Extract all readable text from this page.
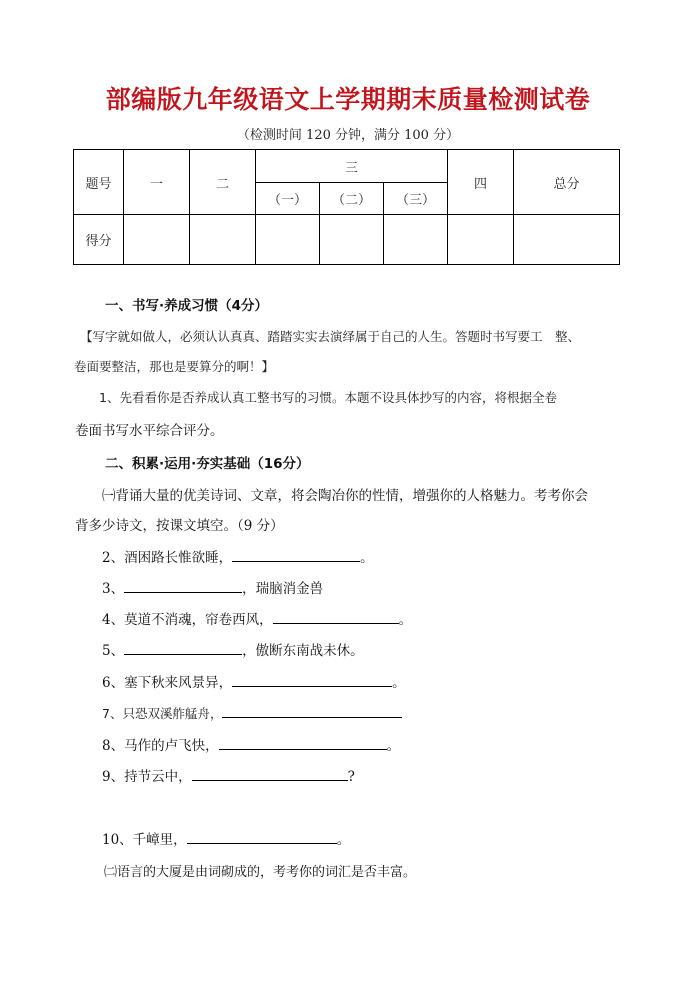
部编版九年级语文上学期期末质量检测试卷
（检测时间 120 分钟，满分 100 分）
题号	一	二	三			四	总分
			（一）	（二）	（三）		
得分							
一、书写·养成习惯（4分）
【写字就如做人，必须认认真真、踏踏实实去演绎属于自己的人生。答题时书写要工　整、
卷面要整洁，那也是要算分的啊！】
1、先看看你是否养成认真工整书写的习惯。本题不设具体抄写的内容，将根据全卷
卷面书写水平综合评分。
二、积累·运用·夯实基础（16分）
㈠背诵大量的优美诗词、文章，将会陶冶你的性情，增强你的人格魅力。考考你会
背多少诗文，按课文填空。（9 分）
2、酒困路长惟欲睡，	。
3、	，瑞脑消金兽
4、莫道不消魂，帘卷西风，	。
5、	，傲断东南战未休。
6、塞下秋来风景异，	。
7、只恐双溪舴艋舟，
8、马作的卢飞快，	。
9、持节云中，	?
10、千嶂里，	。
㈡语言的大厦是由词砌成的，考考你的词汇是否丰富。
